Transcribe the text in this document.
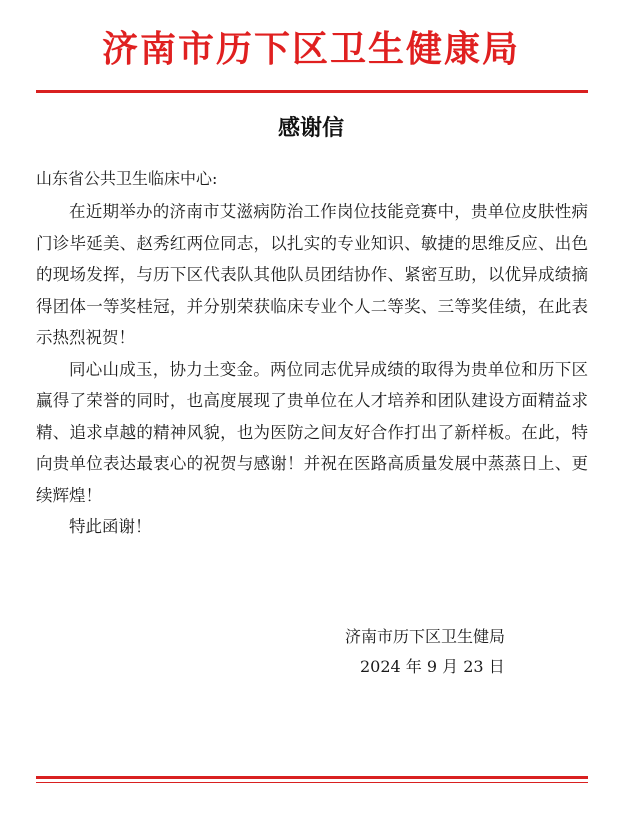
济南市历下区卫生健康局
感谢信
山东省公共卫生临床中心:

在近期举办的济南市艾滋病防治工作岗位技能竞赛中，贵单位皮肤性病门诊毕延美、赵秀红两位同志，以扎实的专业知识、敏捷的思维反应、出色的现场发挥，与历下区代表队其他队员团结协作、紧密互助，以优异成绩摘得团体一等奖桂冠，并分别荣获临床专业个人二等奖、三等奖佳绩，在此表示热烈祝贺！

同心山成玉，协力土变金。两位同志优异成绩的取得为贵单位和历下区赢得了荣誉的同时，也高度展现了贵单位在人才培养和团队建设方面精益求精、追求卓越的精神风貌，也为医防之间友好合作打出了新样板。在此，特向贵单位表达最衷心的祝贺与感谢！并祝在医路高质量发展中蒸蒸日上、更续辉煌！

特此函谢！

济南市历下区卫生健局
2024 年 9 月 23 日
